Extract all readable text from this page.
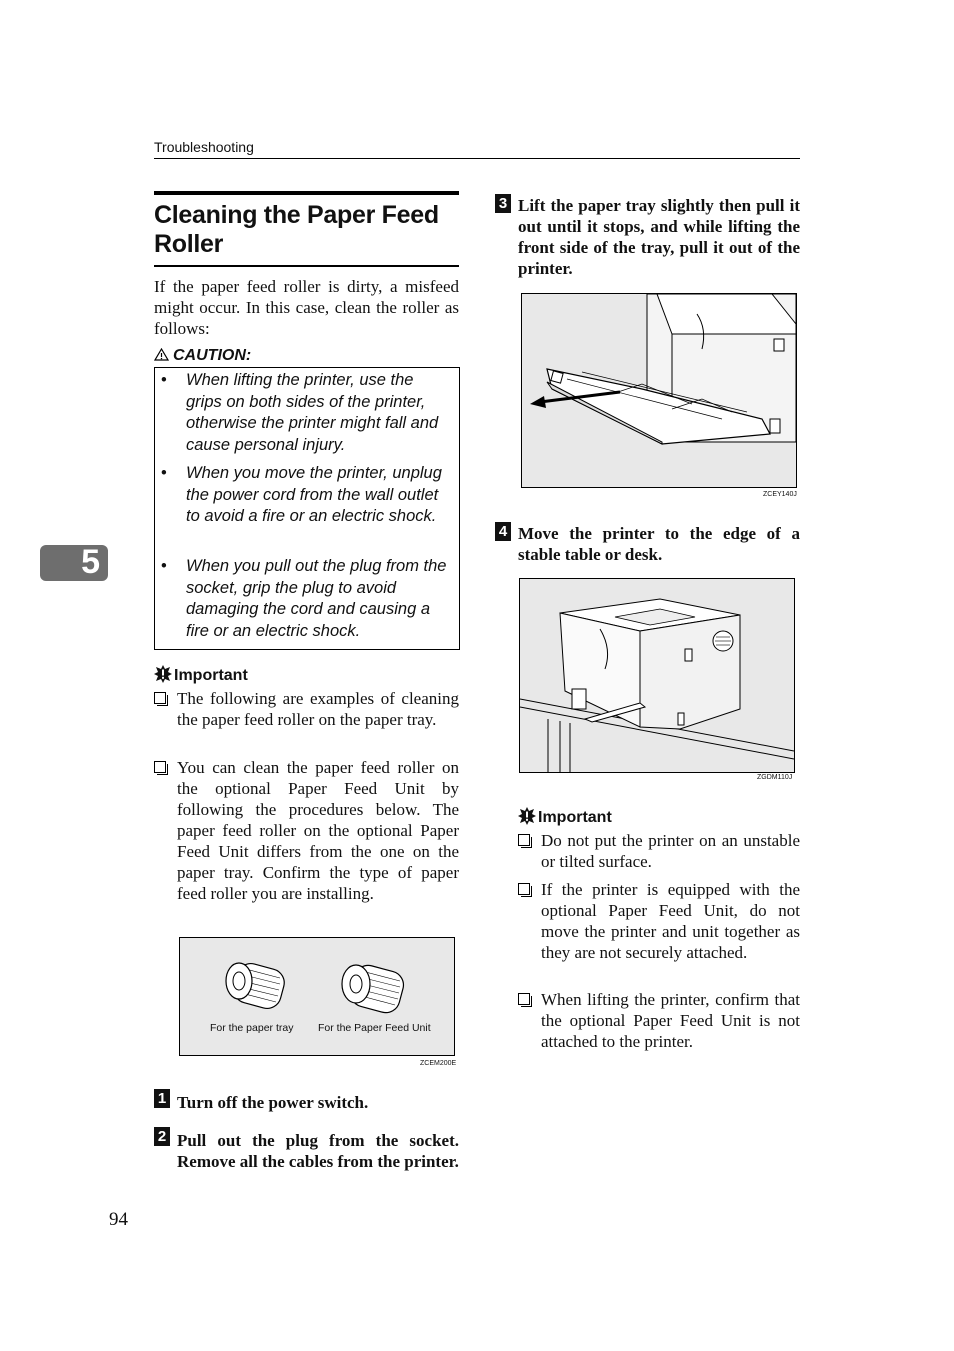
Troubleshooting
5
Cleaning the Paper Feed
Roller
If the paper feed roller is dirty, a misfeed might occur. In this case, clean the roller as follows:
CAUTION:
• When lifting the printer, use the grips on both sides of the printer, otherwise the printer might fall and cause personal injury.
• When you move the printer, unplug the power cord from the wall outlet to avoid a fire or an electric shock.
• When you pull out the plug from the socket, grip the plug to avoid damaging the cord and causing a fire or an electric shock.
Important
The following are examples of cleaning the paper feed roller on the paper tray.
You can clean the paper feed roller on the optional Paper Feed Unit by following the procedures below. The paper feed roller on the optional Paper Feed Unit differs from the one on the paper tray. Confirm the type of paper feed roller you are installing.
For the paper tray For the Paper Feed Unit
ZCEM200E
1 Turn off the power switch.
2 Pull out the plug from the socket. Remove all the cables from the printer.
94
3 Lift the paper tray slightly then pull it out until it stops, and while lifting the front side of the tray, pull it out of the printer.
ZCEY140J
4 Move the printer to the edge of a stable table or desk.
ZGDM110J
Important
Do not put the printer on an unstable or tilted surface.
If the printer is equipped with the optional Paper Feed Unit, do not move the printer and unit together as they are not securely attached.
When lifting the printer, confirm that the optional Paper Feed Unit is not attached to the printer.
